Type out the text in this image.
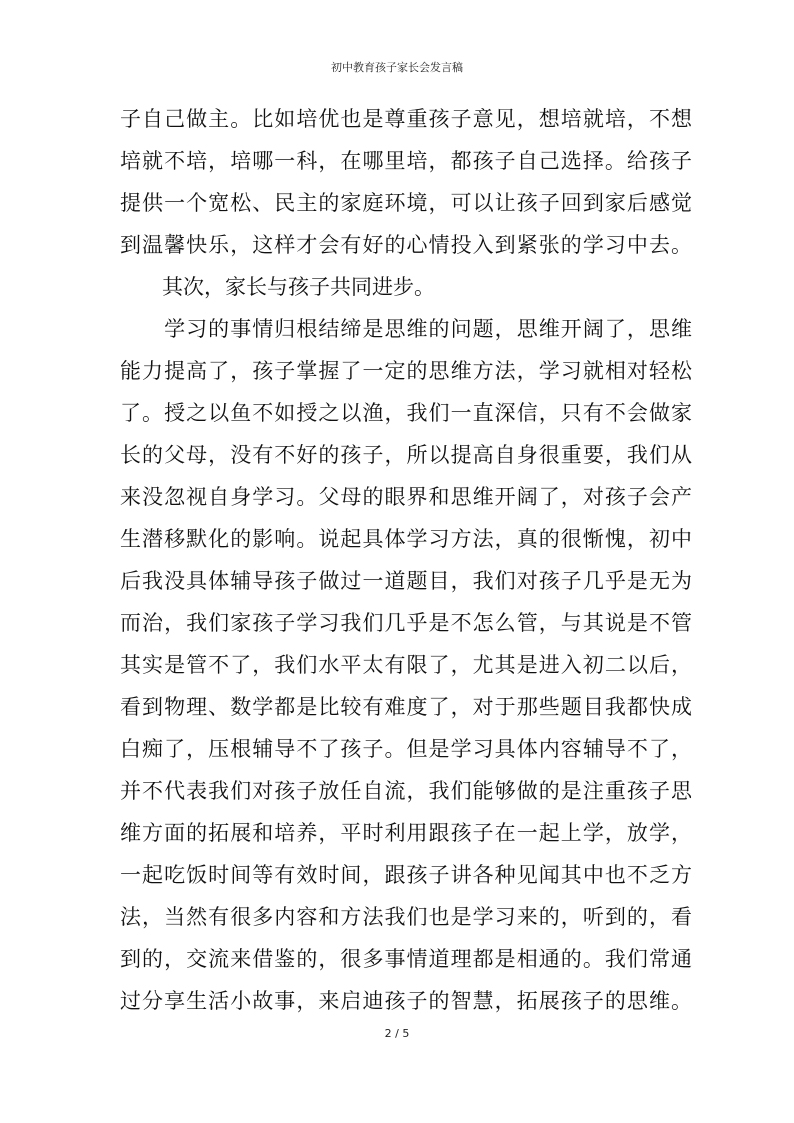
初中教育孩子家长会发言稿
子自己做主。比如培优也是尊重孩子意见，想培就培，不想
培就不培，培哪一科，在哪里培，都孩子自己选择。给孩子
提供一个宽松、民主的家庭环境，可以让孩子回到家后感觉
到温馨快乐，这样才会有好的心情投入到紧张的学习中去。
　　其次，家长与孩子共同进步。
　　学习的事情归根结缔是思维的问题，思维开阔了，思维
能力提高了，孩子掌握了一定的思维方法，学习就相对轻松
了。授之以鱼不如授之以渔，我们一直深信，只有不会做家
长的父母，没有不好的孩子，所以提高自身很重要，我们从
来没忽视自身学习。父母的眼界和思维开阔了，对孩子会产
生潜移默化的影响。说起具体学习方法，真的很惭愧，初中
后我没具体辅导孩子做过一道题目，我们对孩子几乎是无为
而治，我们家孩子学习我们几乎是不怎么管，与其说是不管
其实是管不了，我们水平太有限了，尤其是进入初二以后，
看到物理、数学都是比较有难度了，对于那些题目我都快成
白痴了，压根辅导不了孩子。但是学习具体内容辅导不了，
并不代表我们对孩子放任自流，我们能够做的是注重孩子思
维方面的拓展和培养，平时利用跟孩子在一起上学，放学，
一起吃饭时间等有效时间，跟孩子讲各种见闻其中也不乏方
法，当然有很多内容和方法我们也是学习来的，听到的，看
到的，交流来借鉴的，很多事情道理都是相通的。我们常通
过分享生活小故事，来启迪孩子的智慧，拓展孩子的思维。
2 / 5
